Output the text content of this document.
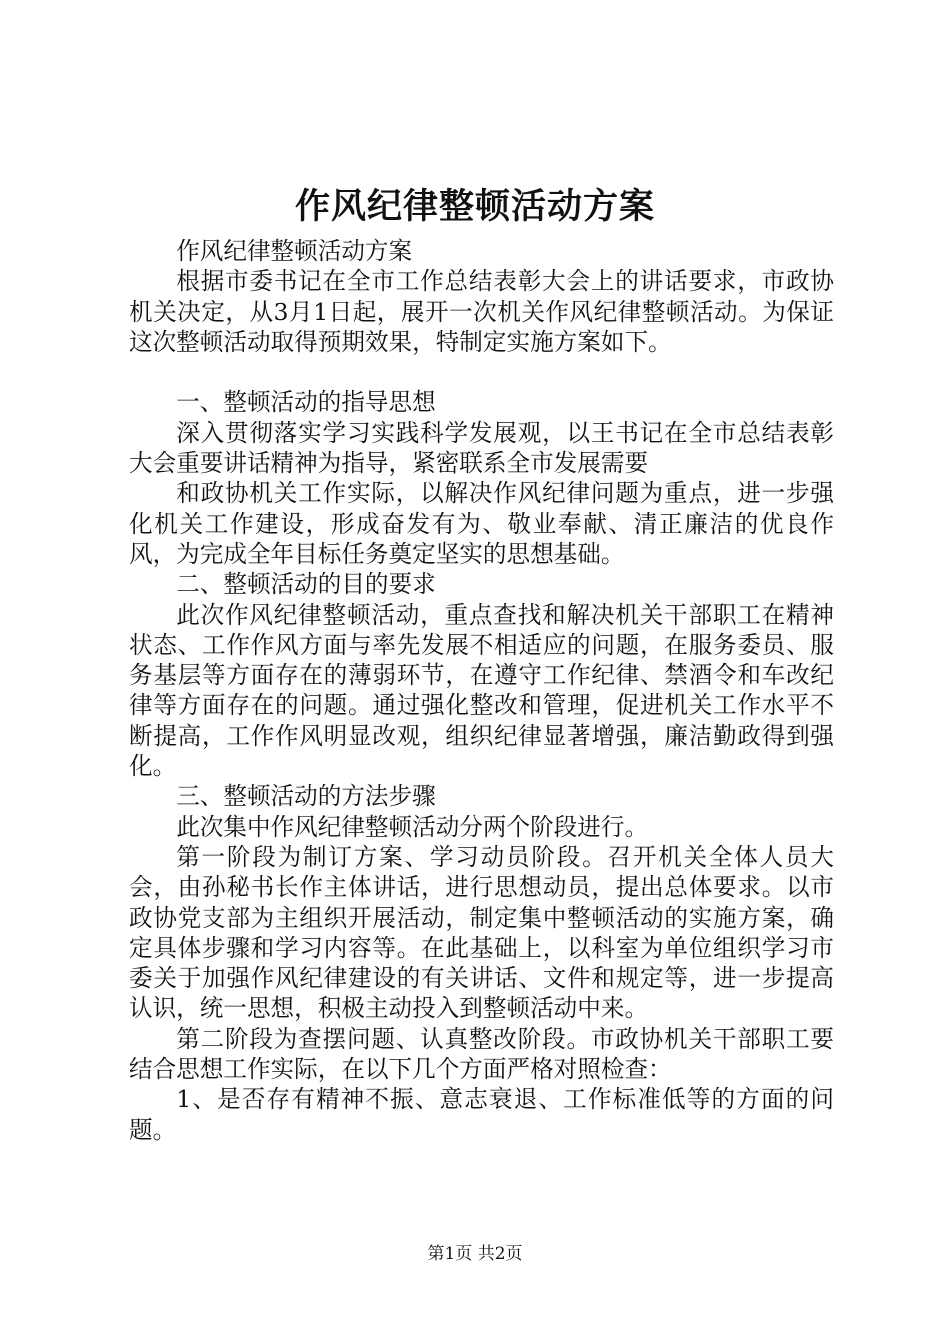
作风纪律整顿活动方案

作风纪律整顿活动方案

根据市委书记在全市工作总结表彰大会上的讲话要求，市政协机关决定，从3月1日起，展开一次机关作风纪律整顿活动。为保证这次整顿活动取得预期效果，特制定实施方案如下。

一、整顿活动的指导思想

深入贯彻落实学习实践科学发展观，以王书记在全市总结表彰大会重要讲话精神为指导，紧密联系全市发展需要

和政协机关工作实际，以解决作风纪律问题为重点，进一步强化机关工作建设，形成奋发有为、敬业奉献、清正廉洁的优良作风，为完成全年目标任务奠定坚实的思想基础。

二、整顿活动的目的要求

此次作风纪律整顿活动，重点查找和解决机关干部职工在精神状态、工作作风方面与率先发展不相适应的问题，在服务委员、服务基层等方面存在的薄弱环节，在遵守工作纪律、禁酒令和车改纪律等方面存在的问题。通过强化整改和管理，促进机关工作水平不断提高，工作作风明显改观，组织纪律显著增强，廉洁勤政得到强化。

三、整顿活动的方法步骤

此次集中作风纪律整顿活动分两个阶段进行。

第一阶段为制订方案、学习动员阶段。召开机关全体人员大会，由孙秘书长作主体讲话，进行思想动员，提出总体要求。以市政协党支部为主组织开展活动，制定集中整顿活动的实施方案，确定具体步骤和学习内容等。在此基础上，以科室为单位组织学习市委关于加强作风纪律建设的有关讲话、文件和规定等，进一步提高认识，统一思想，积极主动投入到整顿活动中来。

第二阶段为查摆问题、认真整改阶段。市政协机关干部职工要结合思想工作实际，在以下几个方面严格对照检查：

1、是否存有精神不振、意志衰退、工作标准低等的方面的问题。

第1页 共2页
